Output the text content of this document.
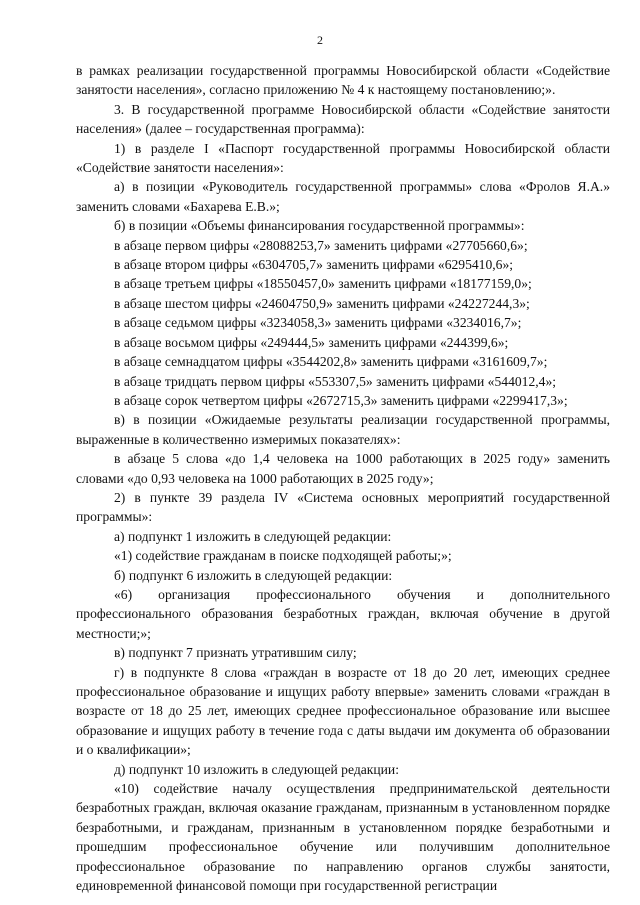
2

в рамках реализации государственной программы Новосибирской области «Содействие занятости населения», согласно приложению № 4 к настоящему постановлению;».

3. В государственной программе Новосибирской области «Содействие занятости населения» (далее – государственная программа):

1) в разделе I «Паспорт государственной программы Новосибирской области «Содействие занятости населения»:

а) в позиции «Руководитель государственной программы» слова «Фролов Я.А.» заменить словами «Бахарева Е.В.»;

б) в позиции «Объемы финансирования государственной программы»:

в абзаце первом цифры «28088253,7» заменить цифрами «27705660,6»;

в абзаце втором цифры «6304705,7» заменить цифрами «6295410,6»;

в абзаце третьем цифры «18550457,0» заменить цифрами «18177159,0»;

в абзаце шестом цифры «24604750,9» заменить цифрами «24227244,3»;

в абзаце седьмом цифры «3234058,3» заменить цифрами «3234016,7»;

в абзаце восьмом цифры «249444,5» заменить цифрами «244399,6»;

в абзаце семнадцатом цифры «3544202,8» заменить цифрами «3161609,7»;

в абзаце тридцать первом цифры «553307,5» заменить цифрами «544012,4»;

в абзаце сорок четвертом цифры «2672715,3» заменить цифрами «2299417,3»;

в) в позиции «Ожидаемые результаты реализации государственной программы, выраженные в количественно измеримых показателях»:

в абзаце 5 слова «до 1,4 человека на 1000 работающих в 2025 году» заменить словами «до 0,93 человека на 1000 работающих в 2025 году»;

2) в пункте 39 раздела IV «Система основных мероприятий государственной программы»:

а) подпункт 1 изложить в следующей редакции:

«1) содействие гражданам в поиске подходящей работы;»;

б) подпункт 6 изложить в следующей редакции:

«6) организация профессионального обучения и дополнительного профессионального образования безработных граждан, включая обучение в другой местности;»;

в) подпункт 7 признать утратившим силу;

г) в подпункте 8 слова «граждан в возрасте от 18 до 20 лет, имеющих среднее профессиональное образование и ищущих работу впервые» заменить словами «граждан в возрасте от 18 до 25 лет, имеющих среднее профессиональное образование или высшее образование и ищущих работу в течение года с даты выдачи им документа об образовании и о квалификации»;

д) подпункт 10 изложить в следующей редакции:

«10) содействие началу осуществления предпринимательской деятельности безработных граждан, включая оказание гражданам, признанным в установленном порядке безработными, и гражданам, признанным в установленном порядке безработными и прошедшим профессиональное обучение или получившим дополнительное профессиональное образование по направлению органов службы занятости, единовременной финансовой помощи при государственной регистрации
